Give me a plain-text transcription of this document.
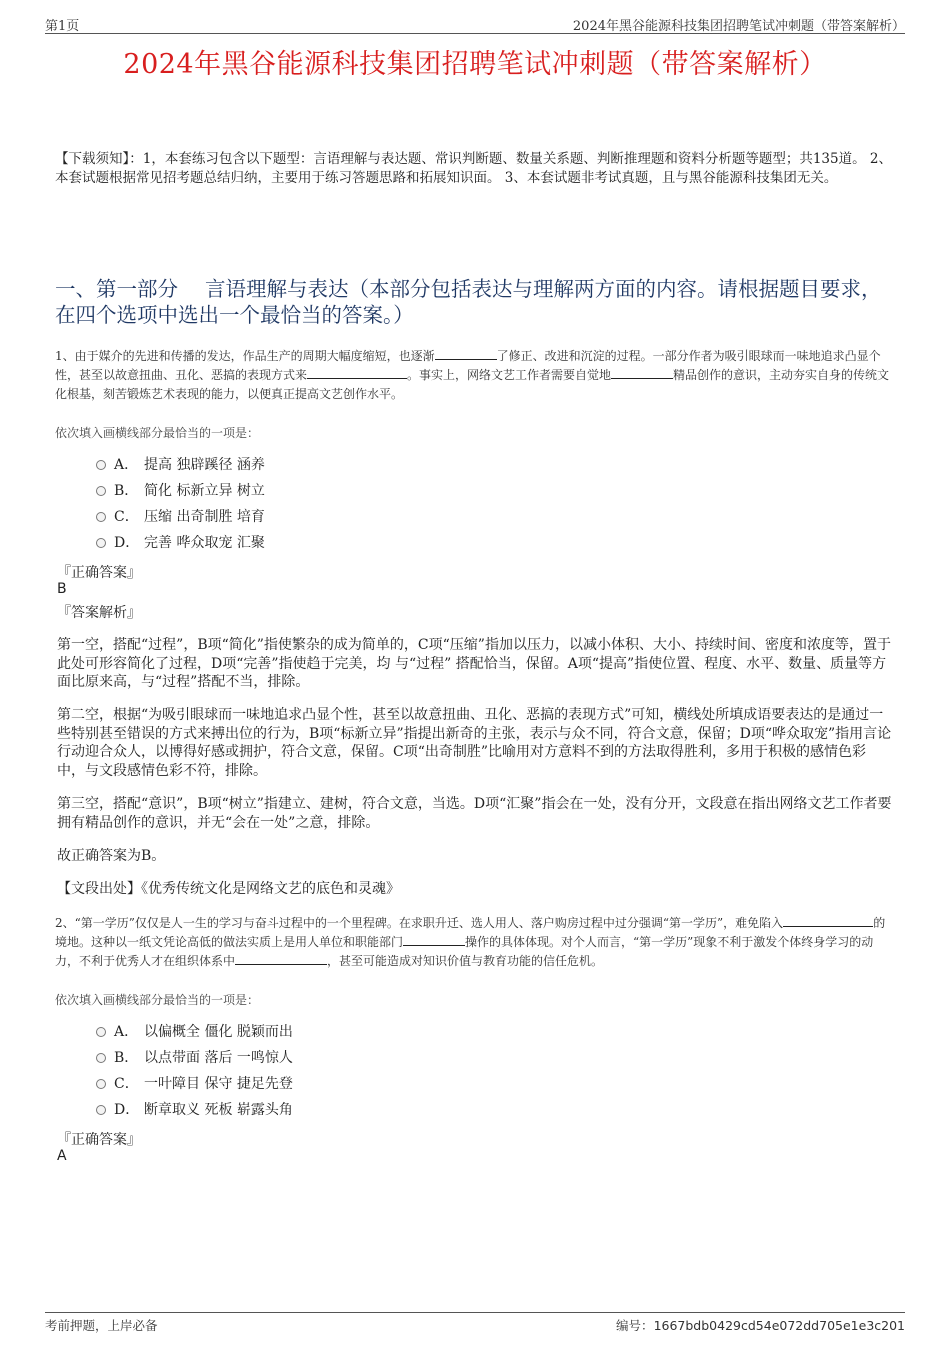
第1页	2024年黑谷能源科技集团招聘笔试冲刺题（带答案解析）
2024年黑谷能源科技集团招聘笔试冲刺题（带答案解析）
【下载须知】：1，本套练习包含以下题型：言语理解与表达题、常识判断题、数量关系题、判断推理题和资料分析题等题型；共135道。 2、本套试题根据常见招考题总结归纳，主要用于练习答题思路和拓展知识面。 3、本套试题非考试真题，且与黑谷能源科技集团无关。
一、第一部分　 言语理解与表达（本部分包括表达与理解两方面的内容。请根据题目要求，在四个选项中选出一个最恰当的答案。）
1、由于媒介的先进和传播的发达，作品生产的周期大幅度缩短，也逐渐	了修正、改进和沉淀的过程。一部分作者为吸引眼球而一味地追求凸显个性，甚至以故意扭曲、丑化、恶搞的表现方式来	。事实上，网络文艺工作者需要自觉地	精品创作的意识，主动夯实自身的传统文化根基，刻苦锻炼艺术表现的能力，以便真正提高文艺创作水平。
依次填入画横线部分最恰当的一项是：
A． 提高 独辟蹊径 涵养
B． 简化 标新立异 树立
C． 压缩 出奇制胜 培育
D． 完善 哗众取宠 汇聚
『正确答案』
B
『答案解析』
第一空，搭配“过程”，B项“简化”指使繁杂的成为简单的，C项“压缩”指加以压力，以减小体积、大小、持续时间、密度和浓度等，置于此处可形容简化了过程，D项“完善”指使趋于完美，均 与“过程” 搭配恰当，保留。A项“提高”指使位置、程度、水平、数量、质量等方面比原来高，与“过程”搭配不当，排除。
第二空，根据“为吸引眼球而一味地追求凸显个性，甚至以故意扭曲、丑化、恶搞的表现方式”可知，横线处所填成语要表达的是通过一些特别甚至错误的方式来搏出位的行为，B项“标新立异”指提出新奇的主张，表示与众不同，符合文意，保留；D项“哗众取宠”指用言论行动迎合众人，以博得好感或拥护，符合文意，保留。C项“出奇制胜”比喻用对方意料不到的方法取得胜利，多用于积极的感情色彩中，与文段感情色彩不符，排除。
第三空，搭配“意识”，B项“树立”指建立、建树，符合文意，当选。D项“汇聚”指会在一处，没有分开，文段意在指出网络文艺工作者要拥有精品创作的意识，并无“会在一处”之意，排除。
故正确答案为B。
【文段出处】《优秀传统文化是网络文艺的底色和灵魂》
2、“第一学历”仅仅是人一生的学习与奋斗过程中的一个里程碑。在求职升迁、选人用人、落户购房过程中过分强调“第一学历”，难免陷入	的境地。这种以一纸文凭论高低的做法实质上是用人单位和职能部门	操作的具体体现。对个人而言，“第一学历”现象不利于激发个体终身学习的动力，不利于优秀人才在组织体系中	，甚至可能造成对知识价值与教育功能的信任危机。
依次填入画横线部分最恰当的一项是：
A． 以偏概全 僵化 脱颖而出
B． 以点带面 落后 一鸣惊人
C． 一叶障目 保守 捷足先登
D． 断章取义 死板 崭露头角
『正确答案』
A
考前押题，上岸必备	编号：1667bdb0429cd54e072dd705e1e3c201
